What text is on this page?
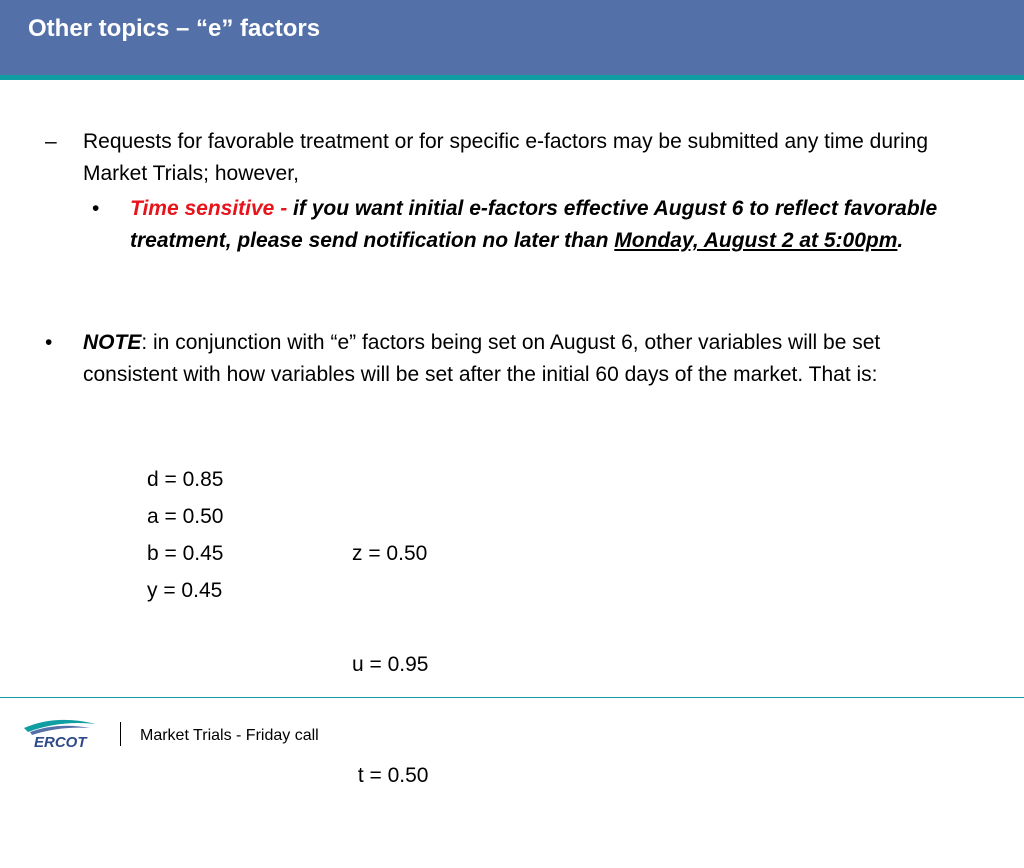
Other topics – “e” factors
– Requests for favorable treatment or for specific e-factors may be submitted any time during Market Trials; however,
• Time sensitive - if you want initial e-factors effective August 6 to reflect favorable treatment, please send notification no later than Monday, August 2 at 5:00pm.
• NOTE: in conjunction with “e” factors being set on August 6, other variables will be set consistent with how variables will be set after the initial 60 days of the market. That is:
d = 0.85
a = 0.50
b = 0.45
y = 0.45

z = 0.50

u = 0.95

t = 0.50

ERCOT	Market Trials - Friday call
